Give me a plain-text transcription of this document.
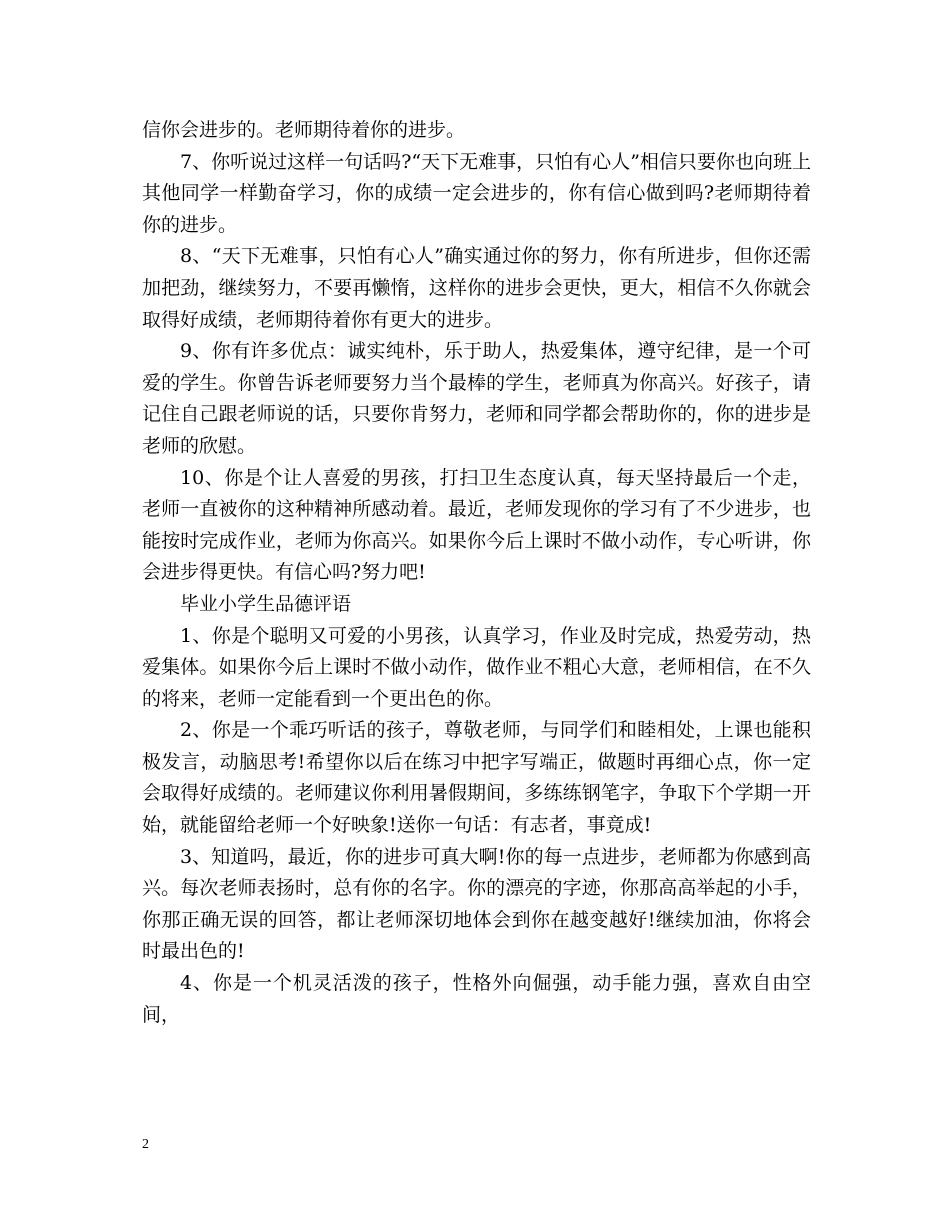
信你会进步的。老师期待着你的进步。

7、你听说过这样一句话吗?“天下无难事，只怕有心人”相信只要你也向班上其他同学一样勤奋学习，你的成绩一定会进步的，你有信心做到吗?老师期待着你的进步。

8、“天下无难事，只怕有心人”确实通过你的努力，你有所进步，但你还需加把劲，继续努力，不要再懒惰，这样你的进步会更快，更大，相信不久你就会取得好成绩，老师期待着你有更大的进步。

9、你有许多优点：诚实纯朴，乐于助人，热爱集体，遵守纪律，是一个可爱的学生。你曾告诉老师要努力当个最棒的学生，老师真为你高兴。好孩子，请记住自己跟老师说的话，只要你肯努力，老师和同学都会帮助你的，你的进步是老师的欣慰。

10、你是个让人喜爱的男孩，打扫卫生态度认真，每天坚持最后一个走，老师一直被你的这种精神所感动着。最近，老师发现你的学习有了不少进步，也能按时完成作业，老师为你高兴。如果你今后上课时不做小动作，专心听讲，你会进步得更快。有信心吗?努力吧!

毕业小学生品德评语

1、你是个聪明又可爱的小男孩，认真学习，作业及时完成，热爱劳动，热爱集体。如果你今后上课时不做小动作，做作业不粗心大意，老师相信，在不久的将来，老师一定能看到一个更出色的你。

2、你是一个乖巧听话的孩子，尊敬老师，与同学们和睦相处，上课也能积极发言，动脑思考!希望你以后在练习中把字写端正，做题时再细心点，你一定会取得好成绩的。老师建议你利用暑假期间，多练练钢笔字，争取下个学期一开始，就能留给老师一个好映象!送你一句话：有志者，事竟成!

3、知道吗，最近，你的进步可真大啊!你的每一点进步，老师都为你感到高兴。每次老师表扬时，总有你的名字。你的漂亮的字迹，你那高高举起的小手，你那正确无误的回答，都让老师深切地体会到你在越变越好!继续加油，你将会时最出色的!

4、你是一个机灵活泼的孩子，性格外向倔强，动手能力强，喜欢自由空间，

2
